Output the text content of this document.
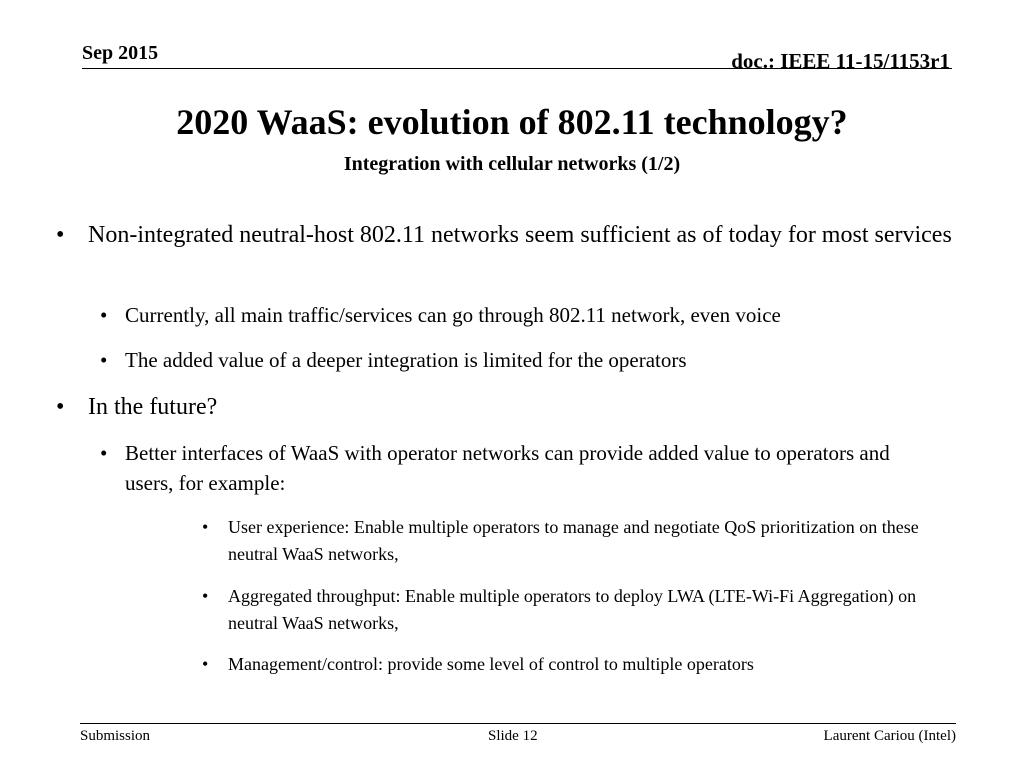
Sep 2015	doc.: IEEE 11-15/1153r1
2020 WaaS: evolution of 802.11 technology?
Integration with cellular networks (1/2)
• Non-integrated neutral-host 802.11 networks seem sufficient as of today for most services
• Currently, all main traffic/services can go through 802.11 network, even voice
• The added value of a deeper integration is limited for the operators
• In the future?
• Better interfaces of WaaS with operator networks can provide added value to operators and users, for example:
• User experience: Enable multiple operators to manage and negotiate QoS prioritization on these neutral WaaS networks,
• Aggregated throughput: Enable multiple operators to deploy LWA (LTE-Wi-Fi Aggregation) on neutral WaaS networks,
• Management/control: provide some level of control to multiple operators
Submission	Slide 12	Laurent Cariou (Intel)
